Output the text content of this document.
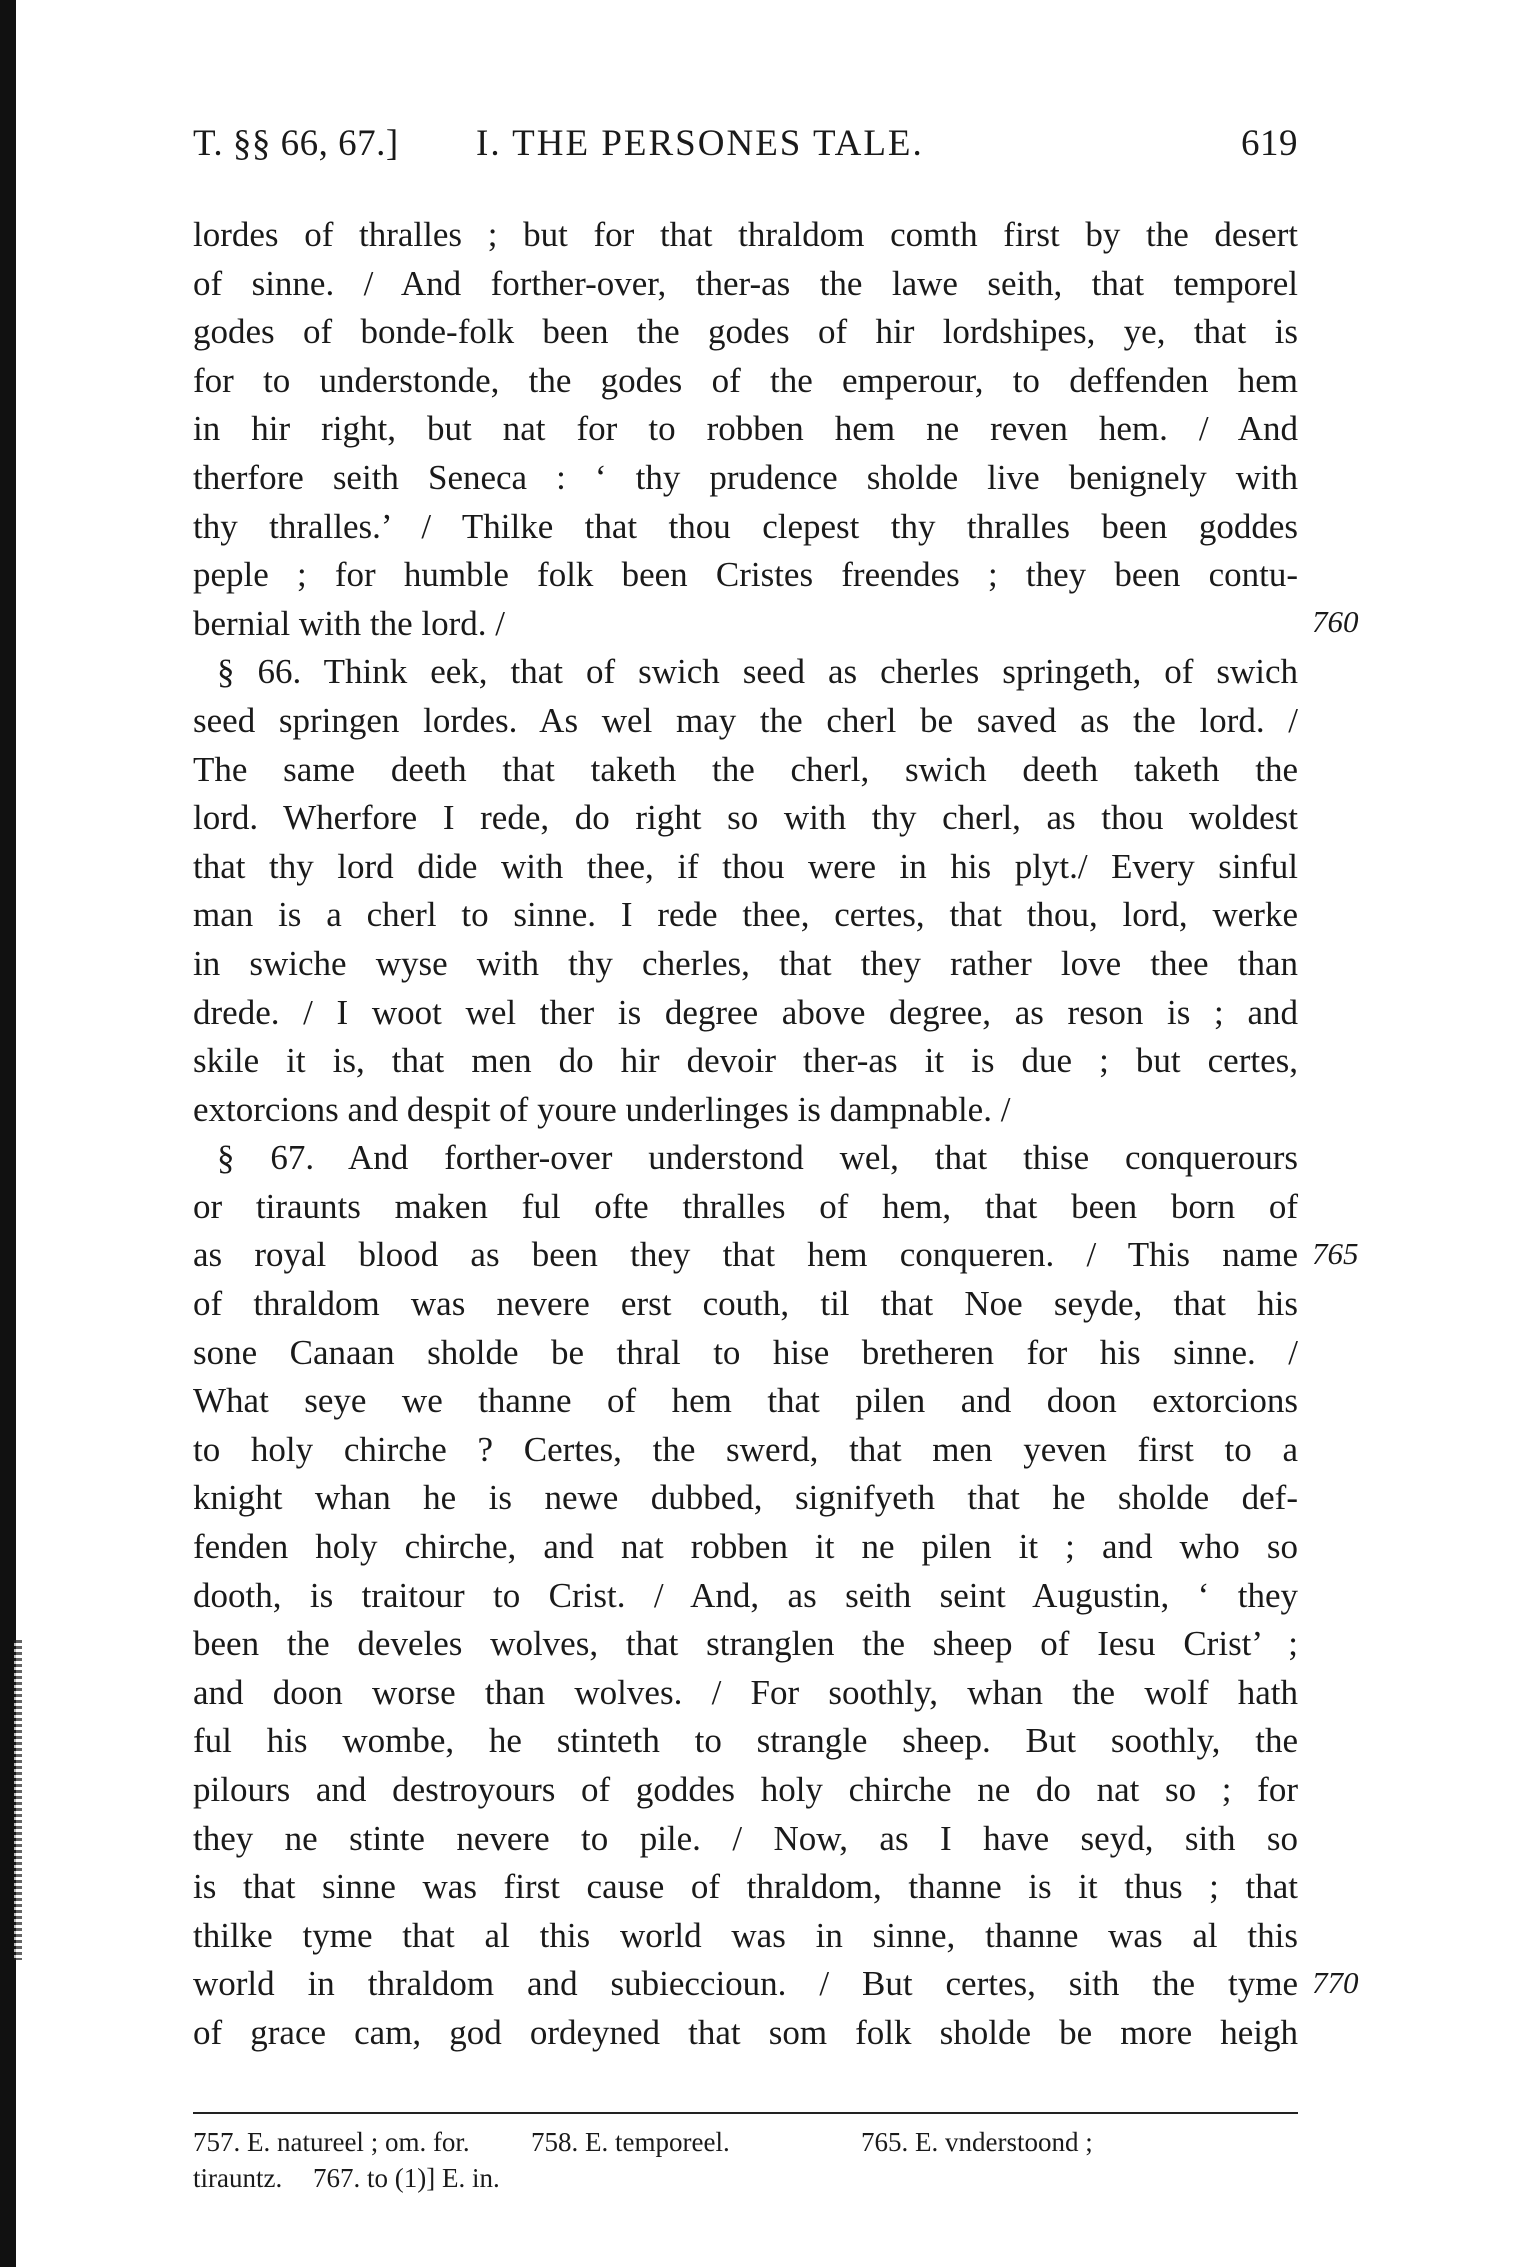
T. §§ 66, 67.] I. THE PERSONES TALE.	619
lordes of thralles ; but for that thraldom comth first by the desert
of sinne. / And forther-over, ther-as the lawe seith, that temporel
godes of bonde-folk been the godes of hir lordshipes, ye, that is
for to understonde, the godes of the emperour, to deffenden hem
in hir right, but nat for to robben hem ne reven hem. / And
therfore seith Seneca : ‘ thy prudence sholde live benignely with
thy thralles.’ / Thilke that thou clepest thy thralles been goddes
peple ; for humble folk been Cristes freendes ; they been contu-
bernial with the lord. /
§ 66. Think eek, that of swich seed as cherles springeth, of swich
seed springen lordes. As wel may the cherl be saved as the lord. /
The same deeth that taketh the cherl, swich deeth taketh the
lord. Wherfore I rede, do right so with thy cherl, as thou woldest
that thy lord dide with thee, if thou were in his plyt./ Every sinful
man is a cherl to sinne. I rede thee, certes, that thou, lord, werke
in swiche wyse with thy cherles, that they rather love thee than
drede. / I woot wel ther is degree above degree, as reson is ; and
skile it is, that men do hir devoir ther-as it is due ; but certes,
extorcions and despit of youre underlinges is dampnable. /
§ 67. And forther-over understond wel, that thise conquerours
or tiraunts maken ful ofte thralles of hem, that been born of
as royal blood as been they that hem conqueren. / This name
of thraldom was nevere erst couth, til that Noe seyde, that his
sone Canaan sholde be thral to hise bretheren for his sinne. /
What seye we thanne of hem that pilen and doon extorcions
to holy chirche ? Certes, the swerd, that men yeven first to a
knight whan he is newe dubbed, signifyeth that he sholde def-
fenden holy chirche, and nat robben it ne pilen it ; and who so
dooth, is traitour to Crist. / And, as seith seint Augustin, ‘ they
been the develes wolves, that stranglen the sheep of Iesu Crist’ ;
and doon worse than wolves. / For soothly, whan the wolf hath
ful his wombe, he stinteth to strangle sheep. But soothly, the
pilours and destroyours of goddes holy chirche ne do nat so ; for
they ne stinte nevere to pile. / Now, as I have seyd, sith so
is that sinne was first cause of thraldom, thanne is it thus ; that
thilke tyme that al this world was in sinne, thanne was al this
world in thraldom and subieccioun. / But certes, sith the tyme
of grace cam, god ordeyned that som folk sholde be more heigh
757. E. natureel ; om. for. 758. E. temporeel.	765. E. vnderstoond ;
tirauntz. 767. to (1)] E. in.
760
765
770
